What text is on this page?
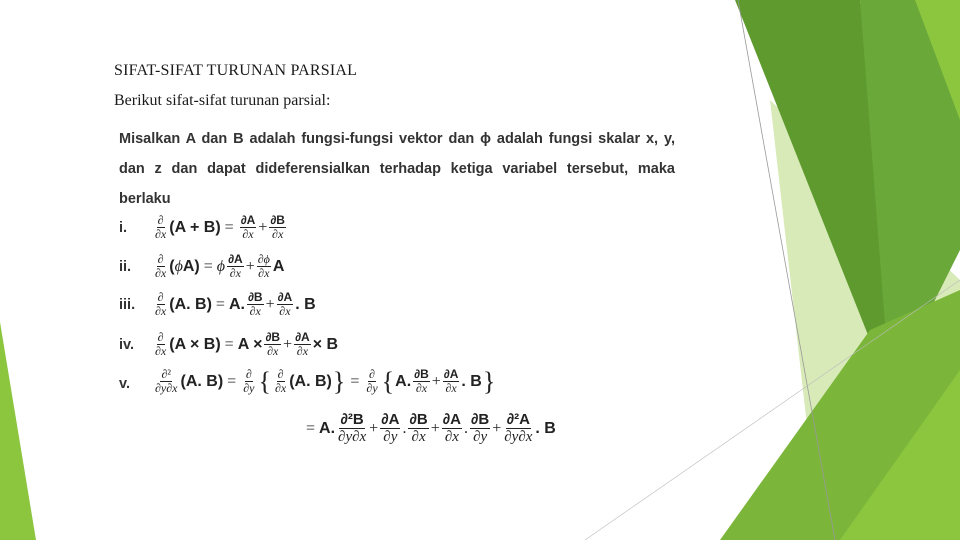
SIFAT-SIFAT TURUNAN PARSIAL
Berikut sifat-sifat turunan parsial:
Misalkan A dan B adalah fungsi-fungsi vektor dan ϕ adalah fungsi skalar x, y, dan z dan dapat dideferensialkan terhadap ketiga variabel tersebut, maka berlaku
i.	∂
∂x $(A + B) = \frac{\partial A}{\partial x} + \partial B$
∂x
ii. ∂
∂x ( ϕ A) = ϕ ∂A
∂x + ∂ϕ
∂x A
iii. ∂
∂x (A. B) = A. ∂B
∂x + ∂A
∂x . B
iv. ∂
∂x $(A \times B) = A \times \frac{\partial B}{\partial x} + \frac{\partial A}{\partial x} \times B$
v.
∂²
∂y∂x (A. B) = ∂
∂y { ∂
∂x (A. B) } = ∂
∂y { A. ∂B
∂x + ∂A
∂x . B }
= A. ∂²B
∂y∂x
+ ∂A
∂y
. ∂B
∂x
+ ∂A
∂x
. ∂B
∂y
+ ∂²A
∂y∂x
. B
